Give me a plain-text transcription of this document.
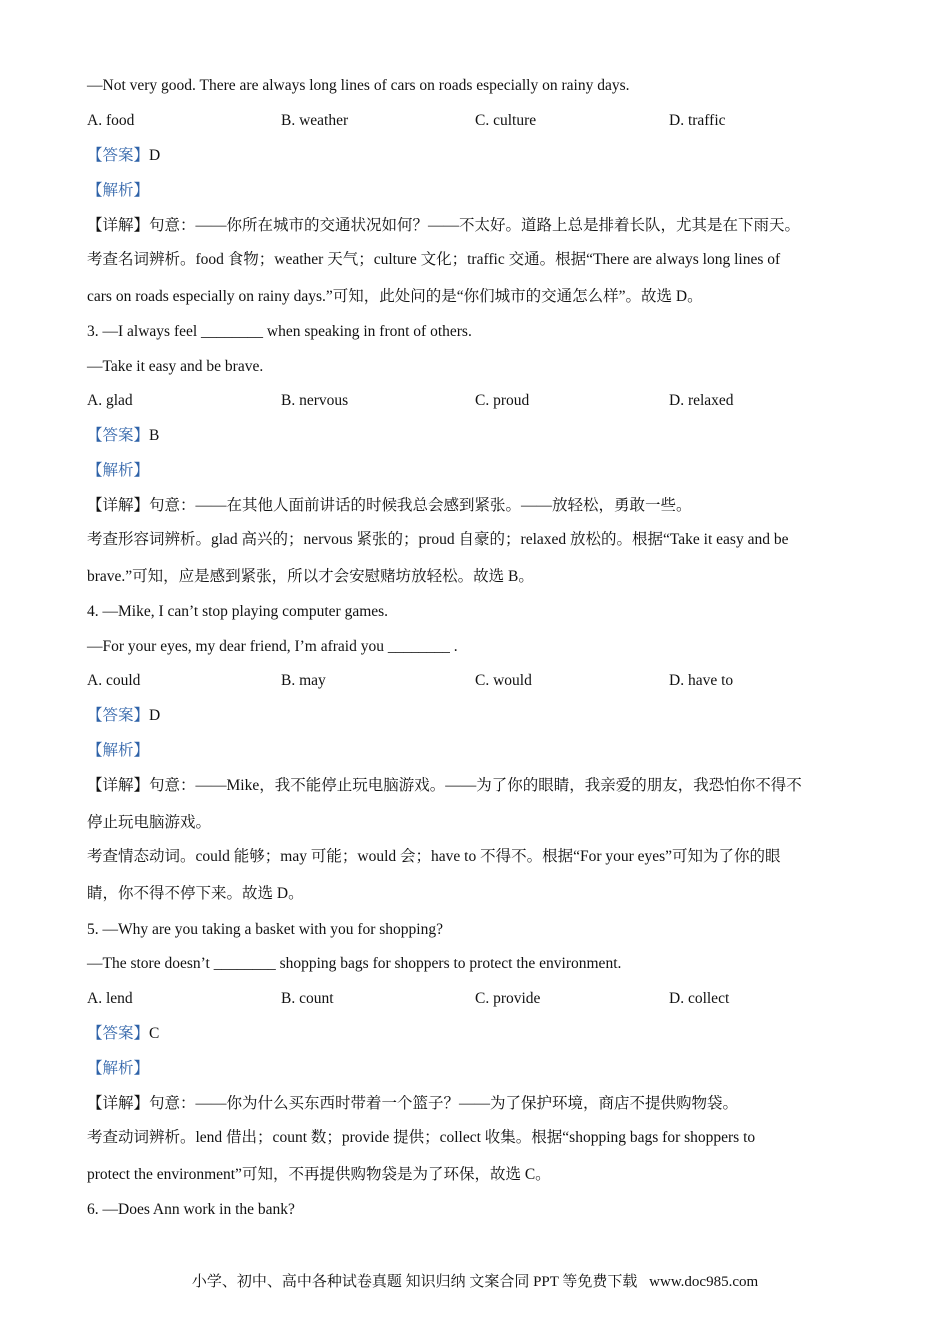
—Not very good. There are always long lines of cars on roads especially on rainy days.
A. food	B. weather	C. culture	D. traffic
【答案】D
【解析】
【详解】句意：——你所在城市的交通状况如何？——不太好。道路上总是排着长队，尤其是在下雨天。
考查名词辨析。food 食物；weather 天气；culture 文化；traffic 交通。根据“There are always long lines of
cars on roads especially on rainy days.”可知，此处问的是“你们城市的交通怎么样”。故选 D。
3. —I always feel ________ when speaking in front of others.
—Take it easy and be brave.
A. glad	B. nervous	C. proud	D. relaxed
【答案】B
【解析】
【详解】句意：——在其他人面前讲话的时候我总会感到紧张。——放轻松，勇敢一些。
考查形容词辨析。glad 高兴的；nervous 紧张的；proud 自豪的；relaxed 放松的。根据“Take it easy and be
brave.”可知，应是感到紧张，所以才会安慰赌坊放轻松。故选 B。
4. —Mike, I can’t stop playing computer games.
—For your eyes, my dear friend, I’m afraid you ________ .
A. could	B. may	C. would	D. have to
【答案】D
【解析】
【详解】句意：——Mike，我不能停止玩电脑游戏。——为了你的眼睛，我亲爱的朋友，我恐怕你不得不
停止玩电脑游戏。
考查情态动词。could 能够；may 可能；would 会；have to 不得不。根据“For your eyes”可知为了你的眼
睛，你不得不停下来。故选 D。
5. —Why are you taking a basket with you for shopping?
—The store doesn’t ________ shopping bags for shoppers to protect the environment.
A. lend	B. count	C. provide	D. collect
【答案】C
【解析】
【详解】句意：——你为什么买东西时带着一个篮子？——为了保护环境，商店不提供购物袋。
考查动词辨析。lend 借出；count 数；provide 提供；collect 收集。根据“shopping bags for shoppers to
protect the environment”可知，不再提供购物袋是为了环保，故选 C。
6. —Does Ann work in the bank?
小学、初中、高中各种试卷真题 知识归纳 文案合同 PPT 等免费下载 www.doc985.com
